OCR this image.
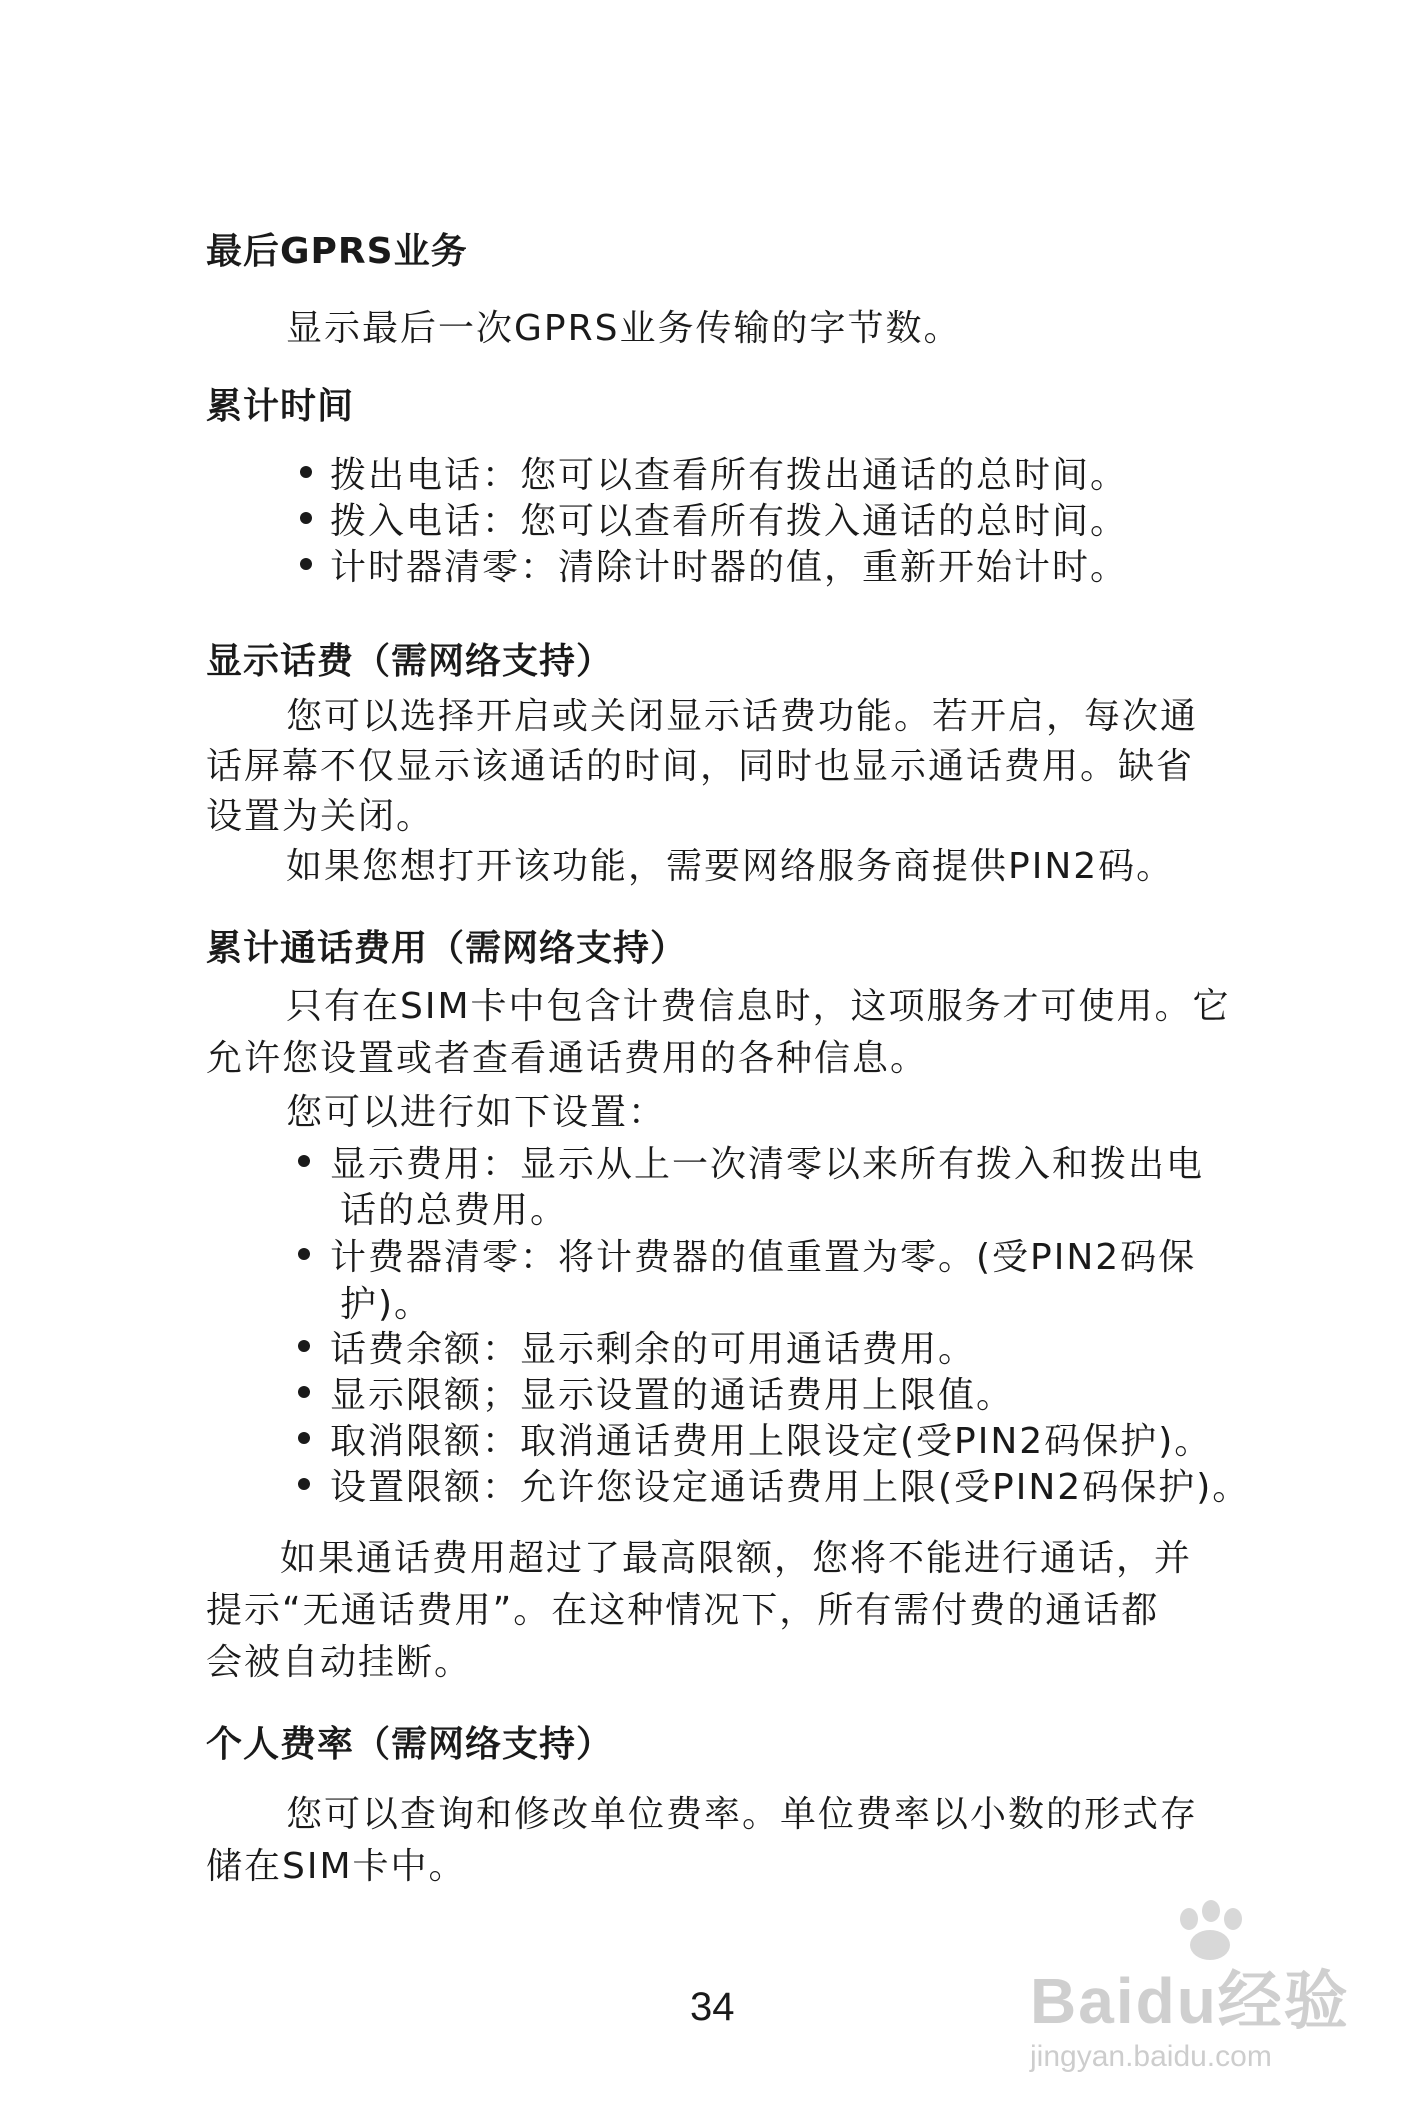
最后GPRS业务
显示最后一次GPRS业务传输的字节数。
累计时间
拨出电话：您可以查看所有拨出通话的总时间。
拨入电话：您可以查看所有拨入通话的总时间。
计时器清零：清除计时器的值，重新开始计时。
显示话费（需网络支持）
您可以选择开启或关闭显示话费功能。若开启，每次通
话屏幕不仅显示该通话的时间，同时也显示通话费用。缺省
设置为关闭。
如果您想打开该功能，需要网络服务商提供PIN2码。
累计通话费用（需网络支持）
只有在SIM卡中包含计费信息时，这项服务才可使用。它
允许您设置或者查看通话费用的各种信息。
您可以进行如下设置：
显示费用：显示从上一次清零以来所有拨入和拨出电
话的总费用。
计费器清零：将计费器的值重置为零。(受PIN2码保
护)。
话费余额：显示剩余的可用通话费用。
显示限额；显示设置的通话费用上限值。
取消限额：取消通话费用上限设定(受PIN2码保护)。
设置限额：允许您设定通话费用上限(受PIN2码保护)。
如果通话费用超过了最高限额，您将不能进行通话，并
提示“无通话费用”。在这种情况下，所有需付费的通话都
会被自动挂断。
个人费率（需网络支持）
您可以查询和修改单位费率。单位费率以小数的形式存
储在SIM卡中。
34	Baidu经验
jingyan.baidu.com
